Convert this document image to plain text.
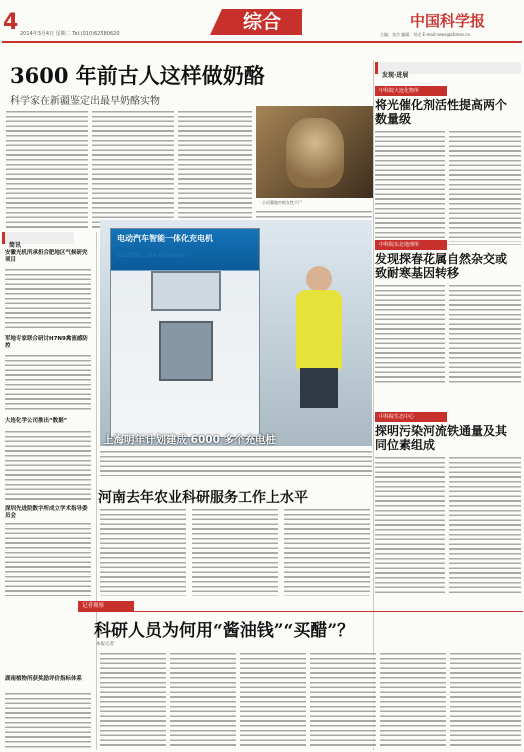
4 2014年3月4日 星期二 Tel:(010)62580620
综合	中国科学报
主编：张彦 编辑：刘光 E-mail:news@stimes.cn
3600 年前古人这样做奶酪
科学家在新疆鉴定出最早奶酪实物
小河墓地中的女性干尸
发现·进展
中科院大连化物所
将光催化剂活性提高两个数量级
中科院东北地理所
发现探春花属自然杂交或致耐寒基因转移
中科院生态中心
探明污染河流铁通量及其同位素组成
简讯
安徽光机所承担合肥地区气候研究项目
军地专家联合研讨H7N9禽流感防控
大连化学公司推出“数据”
深圳先进院数字所成立学术指导委员会
湖南植物所获奖励评价指标体系
电动汽车智能一体化充电机
ELECTRIC CAR CHARGER
上海明年计划建成 6000 多个充电桩
河南去年农业科研服务工作上水平
记者观察
科研人员为何用“酱油钱”“买醋”？
本报记者
